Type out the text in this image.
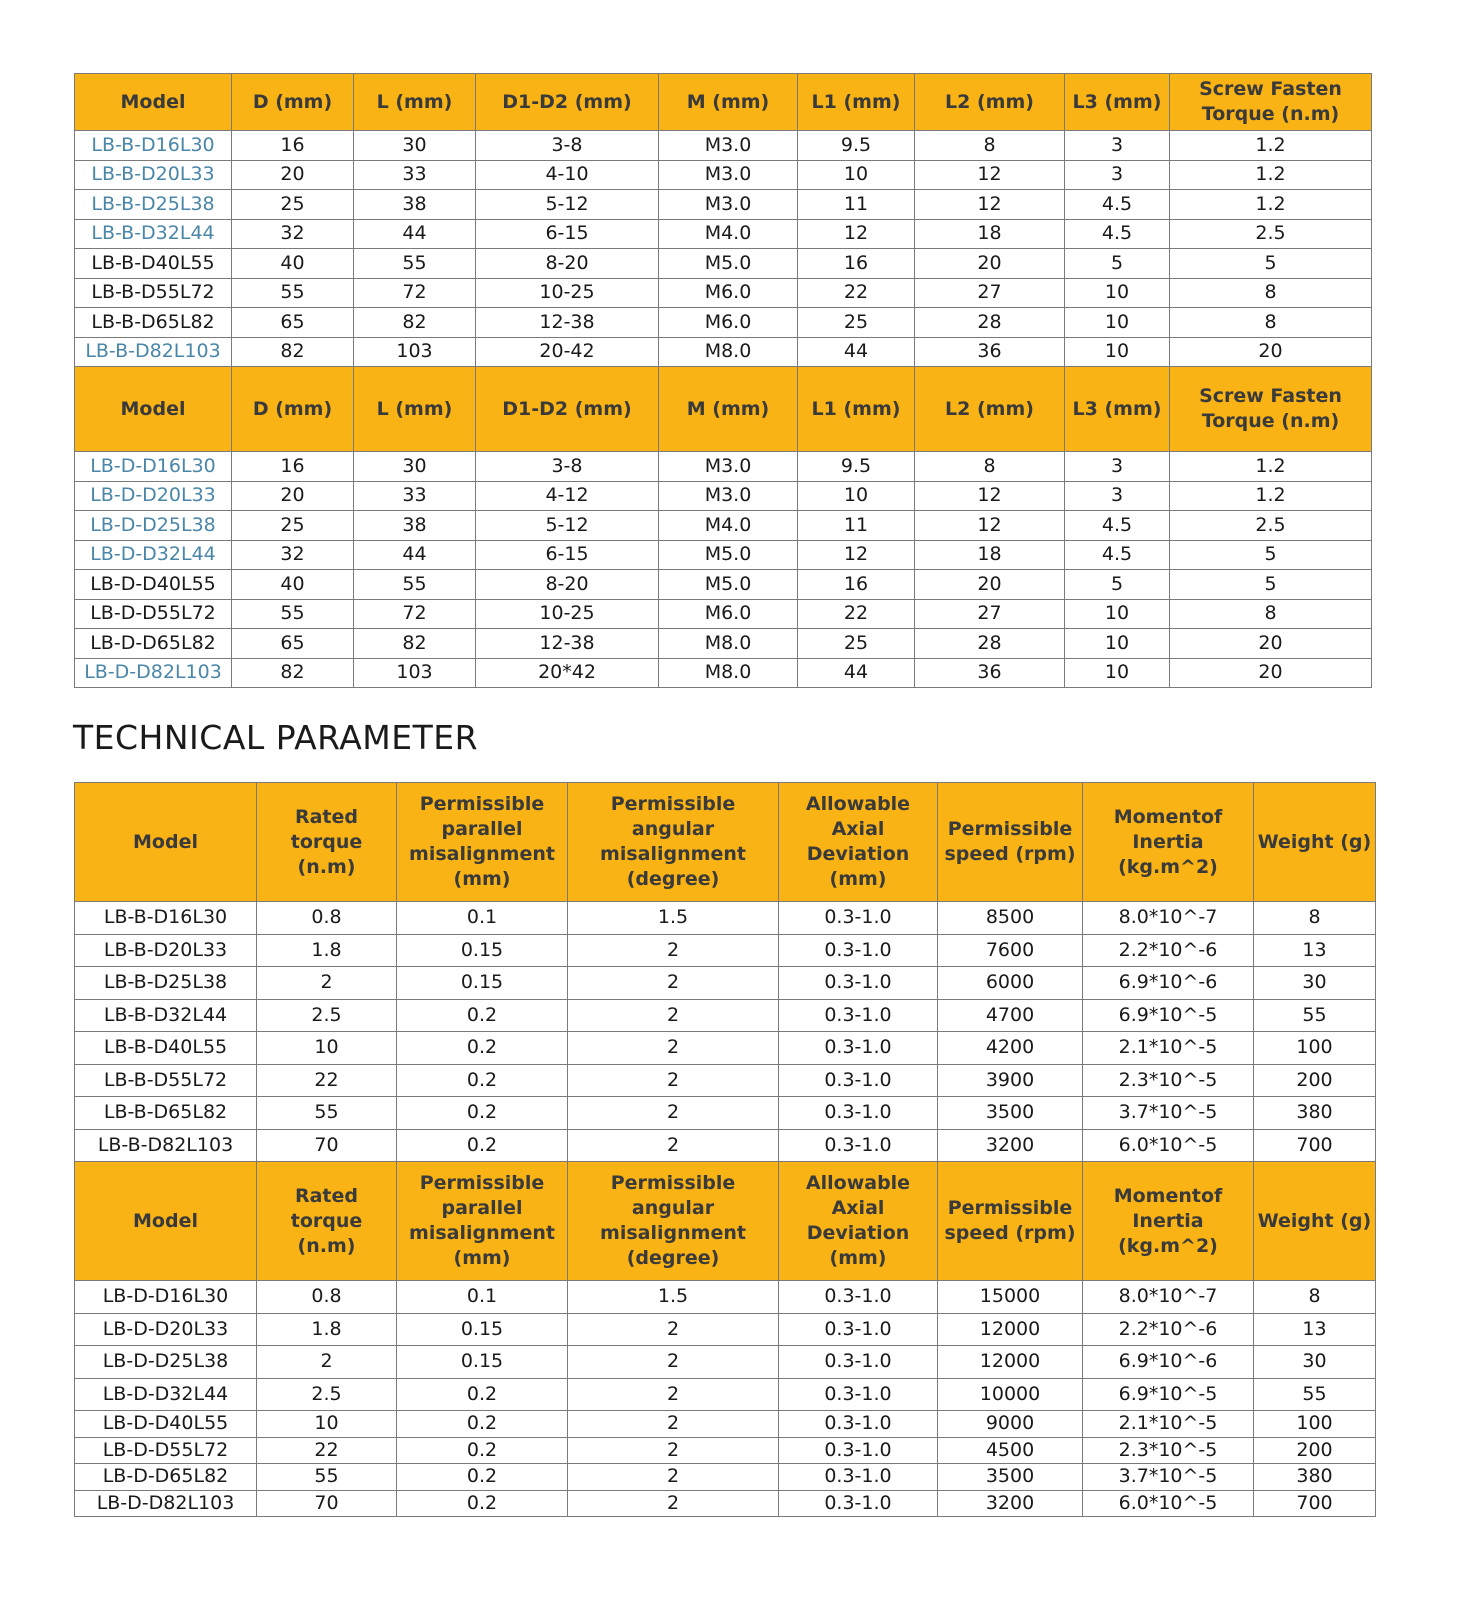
Model	D (mm)	L (mm)	D1-D2 (mm)	M (mm)	L1 (mm)	L2 (mm)	L3 (mm)	Screw Fasten Torque (n.m)
LB-B-D16L30	16	30	3-8	M3.0	9.5	8	3	1.2
LB-B-D20L33	20	33	4-10	M3.0	10	12	3	1.2
LB-B-D25L38	25	38	5-12	M3.0	11	12	4.5	1.2
LB-B-D32L44	32	44	6-15	M4.0	12	18	4.5	2.5
LB-B-D40L55	40	55	8-20	M5.0	16	20	5	5
LB-B-D55L72	55	72	10-25	M6.0	22	27	10	8
LB-B-D65L82	65	82	12-38	M6.0	25	28	10	8
LB-B-D82L103	82	103	20-42	M8.0	44	36	10	20
Model	D (mm)	L (mm)	D1-D2 (mm)	M (mm)	L1 (mm)	L2 (mm)	L3 (mm)	Screw Fasten Torque (n.m)
LB-D-D16L30	16	30	3-8	M3.0	9.5	8	3	1.2
LB-D-D20L33	20	33	4-12	M3.0	10	12	3	1.2
LB-D-D25L38	25	38	5-12	M4.0	11	12	4.5	2.5
LB-D-D32L44	32	44	6-15	M5.0	12	18	4.5	5
LB-D-D40L55	40	55	8-20	M5.0	16	20	5	5
LB-D-D55L72	55	72	10-25	M6.0	22	27	10	8
LB-D-D65L82	65	82	12-38	M8.0	25	28	10	20
LB-D-D82L103	82	103	20*42	M8.0	44	36	10	20
TECHNICAL PARAMETER
Model	Rated torque (n.m)	Permissible parallel misalignment (mm)	Permissible angular misalignment (degree)	Allowable Axial Deviation (mm)	Permissible speed (rpm)	Momentof Inertia (kg.m^2)	Weight (g)
LB-B-D16L30	0.8	0.1	1.5	0.3-1.0	8500	8.0*10^-7	8
LB-B-D20L33	1.8	0.15	2	0.3-1.0	7600	2.2*10^-6	13
LB-B-D25L38	2	0.15	2	0.3-1.0	6000	6.9*10^-6	30
LB-B-D32L44	2.5	0.2	2	0.3-1.0	4700	6.9*10^-5	55
LB-B-D40L55	10	0.2	2	0.3-1.0	4200	2.1*10^-5	100
LB-B-D55L72	22	0.2	2	0.3-1.0	3900	2.3*10^-5	200
LB-B-D65L82	55	0.2	2	0.3-1.0	3500	3.7*10^-5	380
LB-B-D82L103	70	0.2	2	0.3-1.0	3200	6.0*10^-5	700
Model	Rated torque (n.m)	Permissible parallel misalignment (mm)	Permissible angular misalignment (degree)	Allowable Axial Deviation (mm)	Permissible speed (rpm)	Momentof Inertia (kg.m^2)	Weight (g)
LB-D-D16L30	0.8	0.1	1.5	0.3-1.0	15000	8.0*10^-7	8
LB-D-D20L33	1.8	0.15	2	0.3-1.0	12000	2.2*10^-6	13
LB-D-D25L38	2	0.15	2	0.3-1.0	12000	6.9*10^-6	30
LB-D-D32L44	2.5	0.2	2	0.3-1.0	10000	6.9*10^-5	55
LB-D-D40L55	10	0.2	2	0.3-1.0	9000	2.1*10^-5	100
LB-D-D55L72	22	0.2	2	0.3-1.0	4500	2.3*10^-5	200
LB-D-D65L82	55	0.2	2	0.3-1.0	3500	3.7*10^-5	380
LB-D-D82L103	70	0.2	2	0.3-1.0	3200	6.0*10^-5	700
